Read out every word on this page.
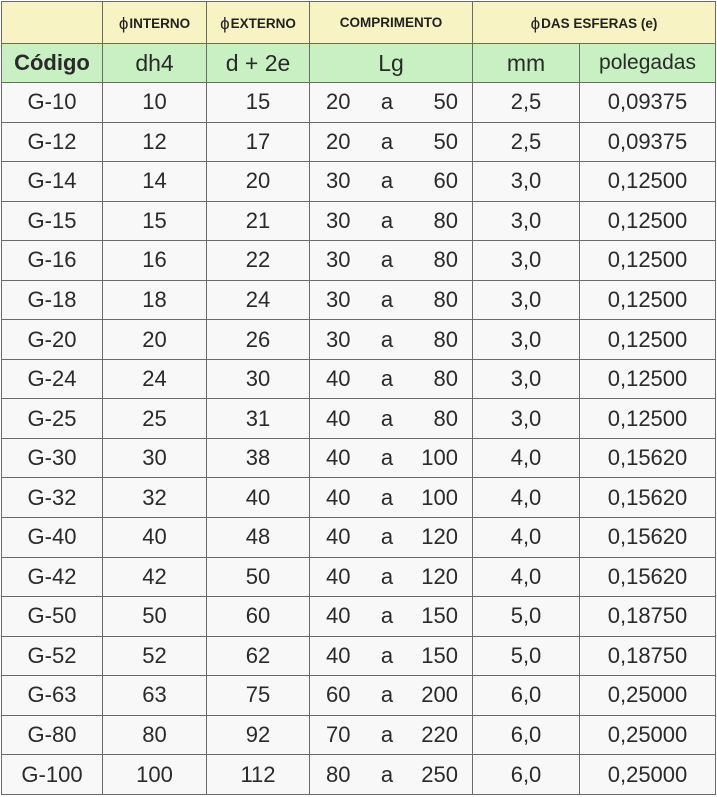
	ϕINTERNO	ϕEXTERNO	COMPRIMENTO	ϕDAS ESFERAS (e)	
Código	dh4	d + 2e	Lg	mm	polegadas
G-10	10	15	20 a 50	2,5	0,09375
G-12	12	17	20 a 50	2,5	0,09375
G-14	14	20	30 a 60	3,0	0,12500
G-15	15	21	30 a 80	3,0	0,12500
G-16	16	22	30 a 80	3,0	0,12500
G-18	18	24	30 a 80	3,0	0,12500
G-20	20	26	30 a 80	3,0	0,12500
G-24	24	30	40 a 80	3,0	0,12500
G-25	25	31	40 a 80	3,0	0,12500
G-30	30	38	40 a 100	4,0	0,15620
G-32	32	40	40 a 100	4,0	0,15620
G-40	40	48	40 a 120	4,0	0,15620
G-42	42	50	40 a 120	4,0	0,15620
G-50	50	60	40 a 150	5,0	0,18750
G-52	52	62	40 a 150	5,0	0,18750
G-63	63	75	60 a 200	6,0	0,25000
G-80	80	92	70 a 220	6,0	0,25000
G-100	100	112	80 a 250	6,0	0,25000
